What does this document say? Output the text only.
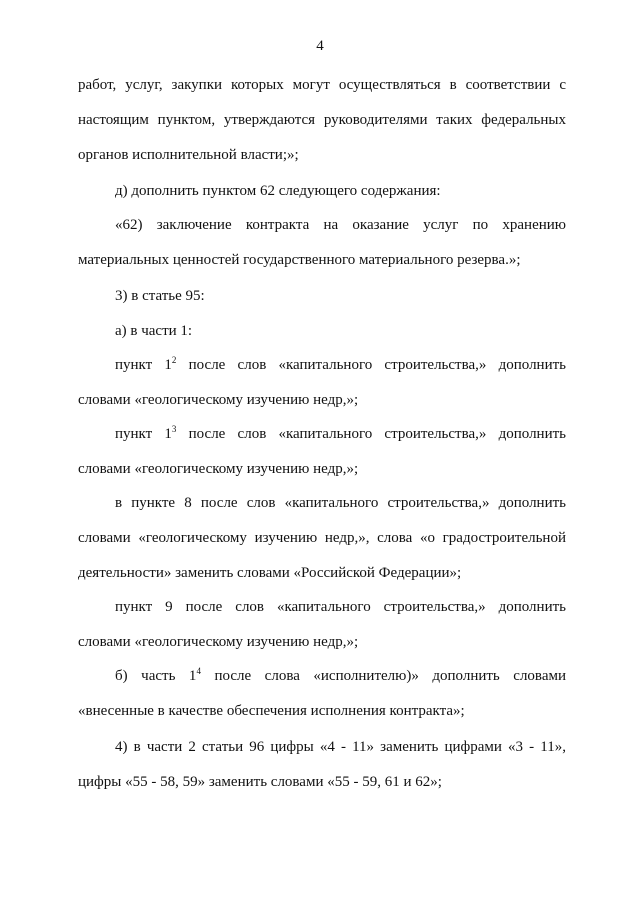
4
работ, услуг, закупки которых могут осуществляться в соответствии с
настоящим пунктом, утверждаются руководителями таких федеральных
органов исполнительной власти;»;
д) дополнить пунктом 62 следующего содержания:
«62) заключение контракта на оказание услуг по хранению
материальных ценностей государственного материального резерва.»;
3) в статье 95:
а) в части 1:
пункт $1^2$ после слов «капитального строительства,» дополнить
словами «геологическому изучению недр,»;
пункт $1^3$ после слов «капитального строительства,» дополнить
словами «геологическому изучению недр,»;
в пункте 8 после слов «капитального строительства,» дополнить
словами «геологическому изучению недр,», слова «о градостроительной
деятельности» заменить словами «Российской Федерации»;
пункт 9 после слов «капитального строительства,» дополнить
словами «геологическому изучению недр,»;
б) часть $1^4$ после слова «исполнителю)» дополнить словами
«внесенные в качестве обеспечения исполнения контракта»;
4) в части 2 статьи 96 цифры «4 - 11» заменить цифрами «3 - 11»,
цифры «55 - 58, 59» заменить словами «55 - 59, 61 и 62»;
